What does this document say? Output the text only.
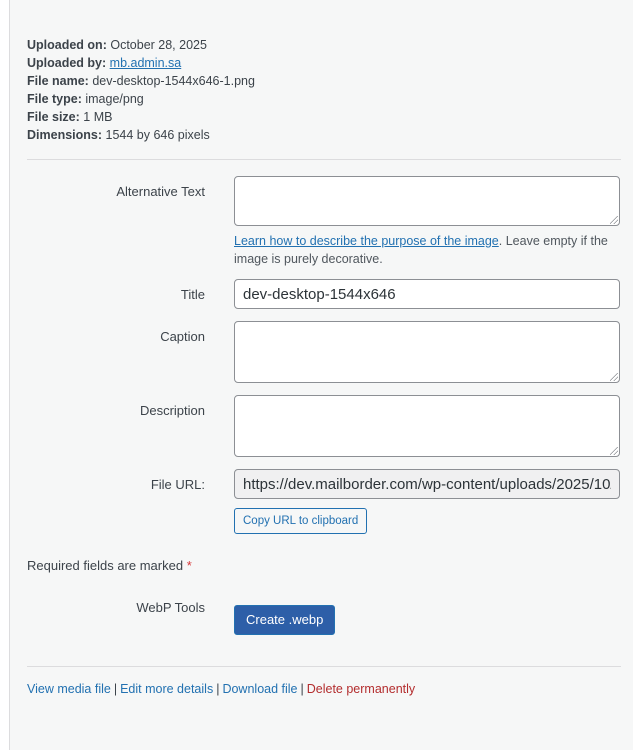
Uploaded on: October 28, 2025
Uploaded by: mb.admin.sa
File name: dev-desktop-1544x646-1.png
File type: image/png
File size: 1 MB
Dimensions: 1544 by 646 pixels
Alternative Text
Learn how to describe the purpose of the image. Leave empty if the image is purely decorative.
Title
dev-desktop-1544x646
Caption
Description
File URL:
https://dev.mailborder.com/wp-content/uploads/2025/10/dev-desktop-1544x646-1.png
Copy URL to clipboard
Required fields are marked *
WebP Tools
Create .webp
View media file | Edit more details | Download file | Delete permanently
